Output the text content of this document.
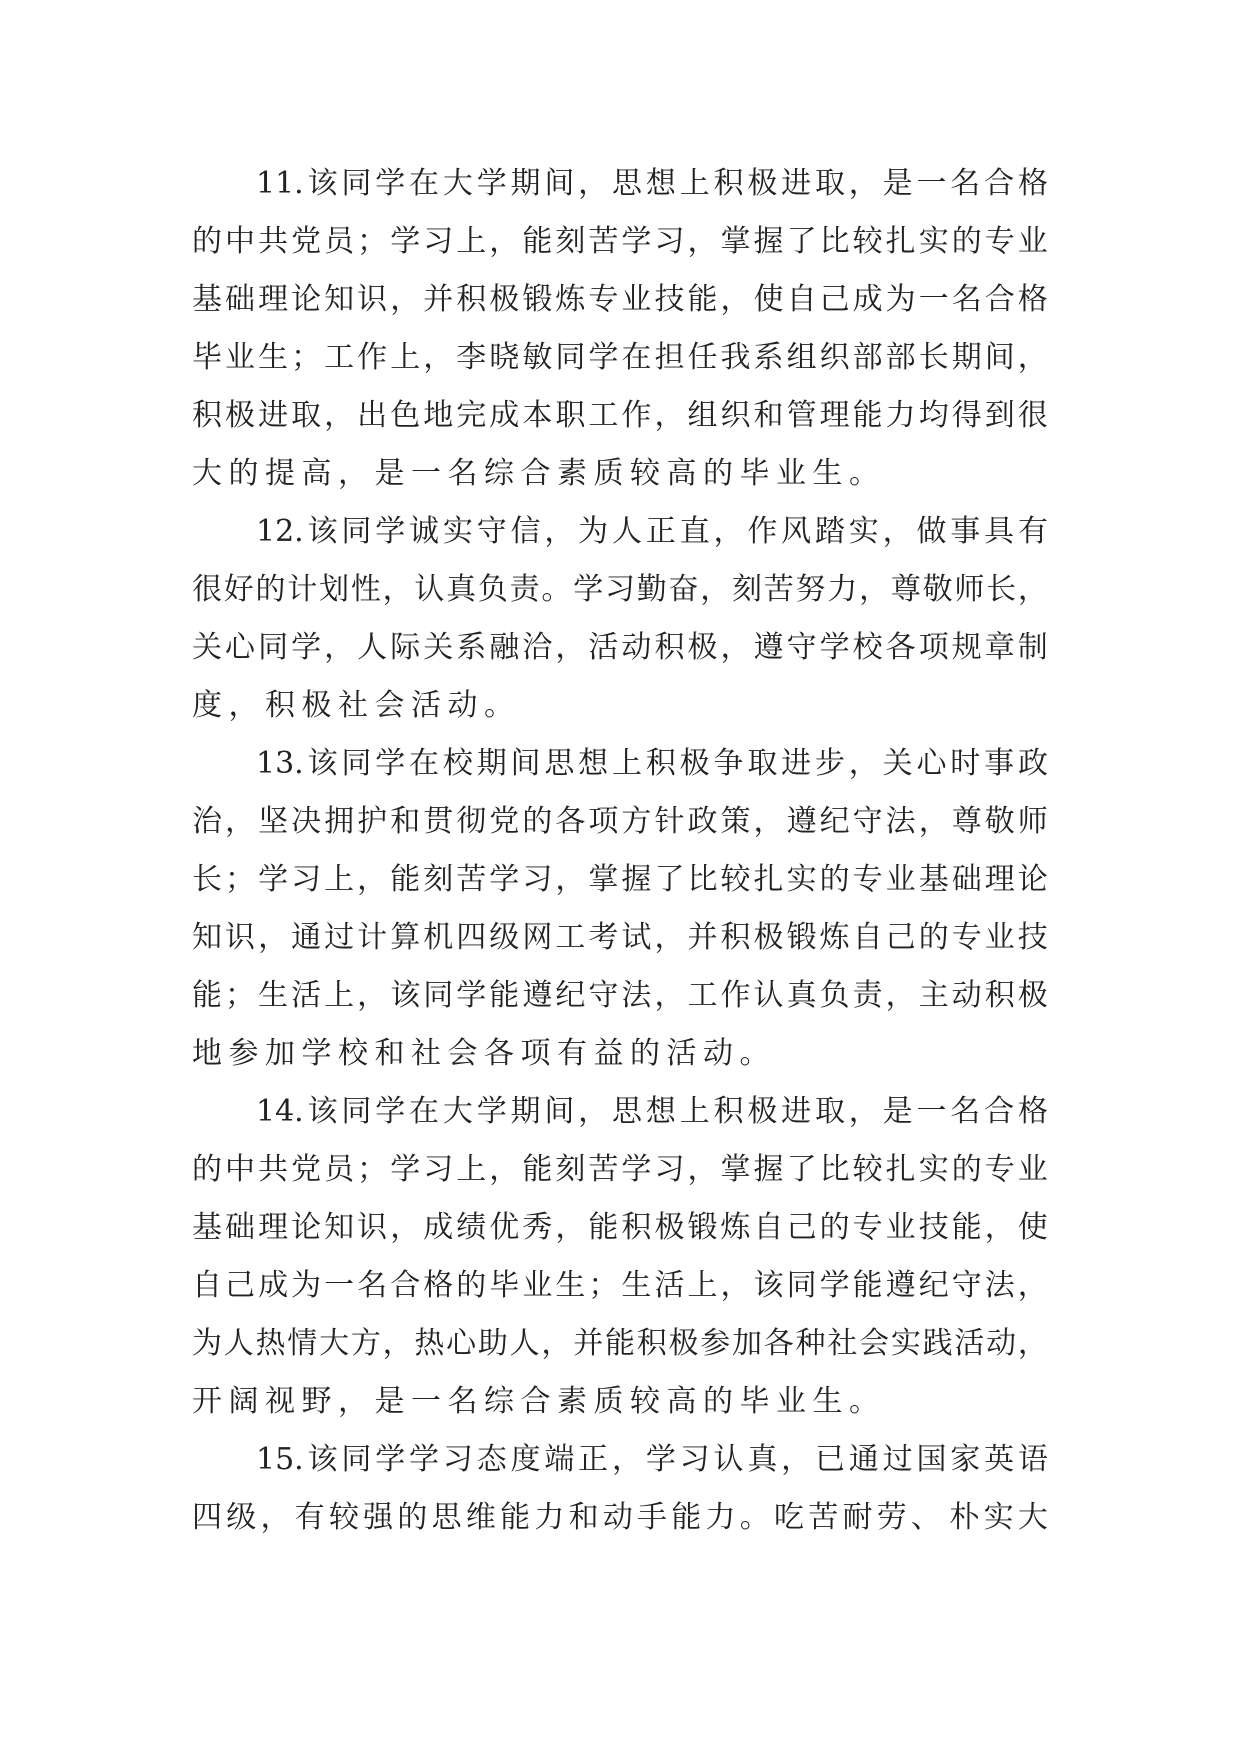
11. 该 同 学 在 大 学 期 间 ， 思 想 上 积 极 进 取 ， 是 一 名 合 格
的 中 共 党 员 ； 学 习 上 ， 能 刻 苦 学 习 ， 掌 握 了 比 较 扎 实 的 专 业
基 础 理 论 知 识 ， 并 积 极 锻 炼 专 业 技 能 ， 使 自 己 成 为 一 名 合 格
毕 业 生 ； 工 作 上 ， 李 晓 敏 同 学 在 担 任 我 系 组 织 部 部 长 期 间 ，
积 极 进 取 ， 出 色 地 完 成 本 职 工 作 ， 组 织 和 管 理 能 力 均 得 到 很
大的提高，是一名综合素质较高的毕业生。
12. 该 同 学 诚 实 守 信 ， 为 人 正 直 ， 作 风 踏 实 ， 做 事 具 有
很 好 的 计 划 性 ， 认 真 负 责 。 学 习 勤 奋 ， 刻 苦 努 力 ， 尊 敬 师 长 ，
关 心 同 学 ， 人 际 关 系 融 洽 ， 活 动 积 极 ， 遵 守 学 校 各 项 规 章 制
度，积极社会活动。
13. 该 同 学 在 校 期 间 思 想 上 积 极 争 取 进 步 ， 关 心 时 事 政
治 ， 坚 决 拥 护 和 贯 彻 党 的 各 项 方 针 政 策 ， 遵 纪 守 法 ， 尊 敬 师
长 ； 学 习 上 ， 能 刻 苦 学 习 ， 掌 握 了 比 较 扎 实 的 专 业 基 础 理 论
知 识 ， 通 过 计 算 机 四 级 网 工 考 试 ， 并 积 极 锻 炼 自 己 的 专 业 技
能 ； 生 活 上 ， 该 同 学 能 遵 纪 守 法 ， 工 作 认 真 负 责 ， 主 动 积 极
地参加学校和社会各项有益的活动。
14. 该 同 学 在 大 学 期 间 ， 思 想 上 积 极 进 取 ， 是 一 名 合 格
的 中 共 党 员 ； 学 习 上 ， 能 刻 苦 学 习 ， 掌 握 了 比 较 扎 实 的 专 业
基 础 理 论 知 识 ， 成 绩 优 秀 ， 能 积 极 锻 炼 自 己 的 专 业 技 能 ， 使
自 己 成 为 一 名 合 格 的 毕 业 生 ； 生 活 上 ， 该 同 学 能 遵 纪 守 法 ，
为 人 热 情 大 方 ， 热 心 助 人 ， 并 能 积 极 参 加 各 种 社 会 实 践 活 动 ，
开阔视野，是一名综合素质较高的毕业生。
15. 该 同 学 学 习 态 度 端 正 ， 学 习 认 真 ， 已 通 过 国 家 英 语
四 级 ， 有 较 强 的 思 维 能 力 和 动 手 能 力 。 吃 苦 耐 劳 、 朴 实 大
